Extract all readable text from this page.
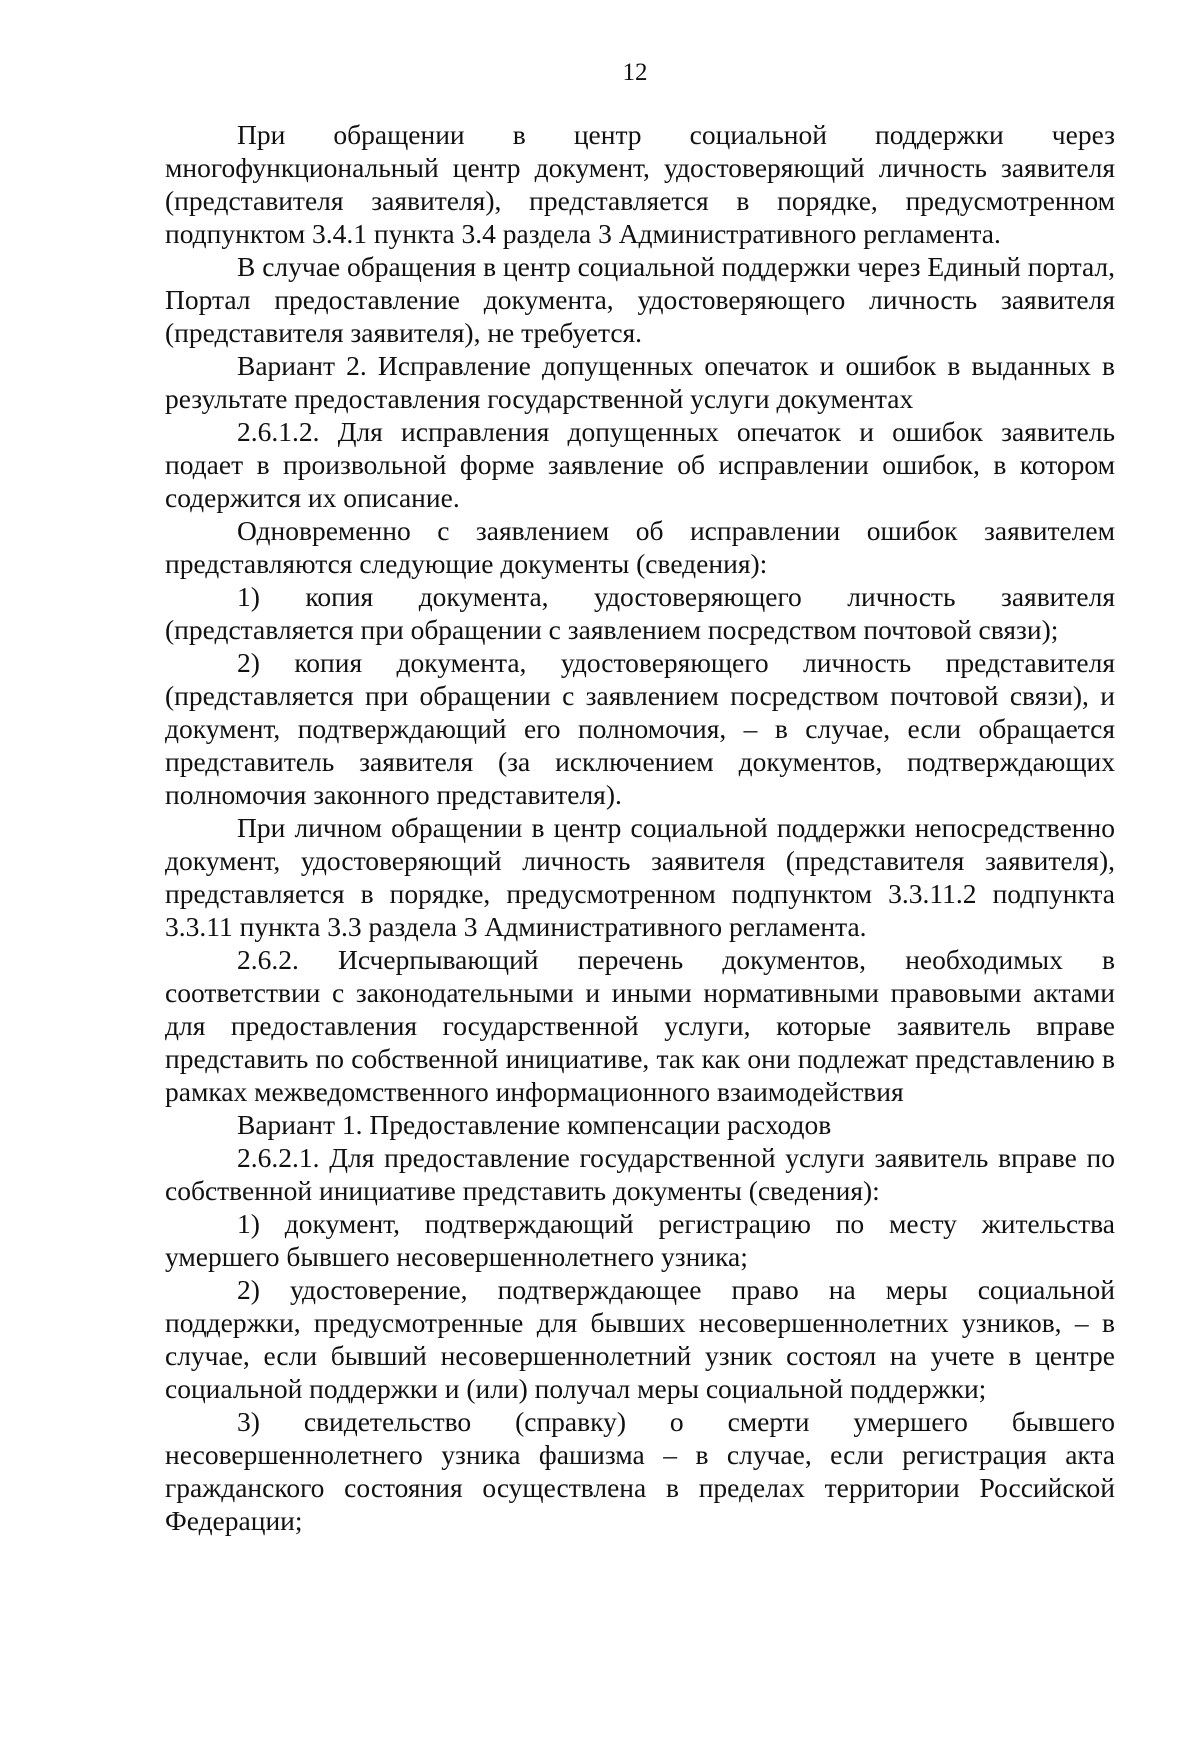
12

При обращении в центр социальной поддержки через многофункциональный центр документ, удостоверяющий личность заявителя (представителя заявителя), представляется в порядке, предусмотренном подпунктом 3.4.1 пункта 3.4 раздела 3 Административного регламента.

В случае обращения в центр социальной поддержки через Единый портал, Портал предоставление документа, удостоверяющего личность заявителя (представителя заявителя), не требуется.

Вариант 2. Исправление допущенных опечаток и ошибок в выданных в результате предоставления государственной услуги документах

2.6.1.2. Для исправления допущенных опечаток и ошибок заявитель подает в произвольной форме заявление об исправлении ошибок, в котором содержится их описание.

Одновременно с заявлением об исправлении ошибок заявителем представляются следующие документы (сведения):

1) копия документа, удостоверяющего личность заявителя (представляется при обращении с заявлением посредством почтовой связи);

2) копия документа, удостоверяющего личность представителя (представляется при обращении с заявлением посредством почтовой связи), и документ, подтверждающий его полномочия, – в случае, если обращается представитель заявителя (за исключением документов, подтверждающих полномочия законного представителя).

При личном обращении в центр социальной поддержки непосредственно документ, удостоверяющий личность заявителя (представителя заявителя), представляется в порядке, предусмотренном подпунктом 3.3.11.2 подпункта 3.3.11 пункта 3.3 раздела 3 Административного регламента.

2.6.2. Исчерпывающий перечень документов, необходимых в соответствии с законодательными и иными нормативными правовыми актами для предоставления государственной услуги, которые заявитель вправе представить по собственной инициативе, так как они подлежат представлению в рамках межведомственного информационного взаимодействия

Вариант 1. Предоставление компенсации расходов

2.6.2.1. Для предоставление государственной услуги заявитель вправе по собственной инициативе представить документы (сведения):

1) документ, подтверждающий регистрацию по месту жительства умершего бывшего несовершеннолетнего узника;

2) удостоверение, подтверждающее право на меры социальной поддержки, предусмотренные для бывших несовершеннолетних узников, – в случае, если бывший несовершеннолетний узник состоял на учете в центре социальной поддержки и (или) получал меры социальной поддержки;

3) свидетельство (справку) о смерти умершего бывшего несовершеннолетнего узника фашизма – в случае, если регистрация акта гражданского состояния осуществлена в пределах территории Российской Федерации;
